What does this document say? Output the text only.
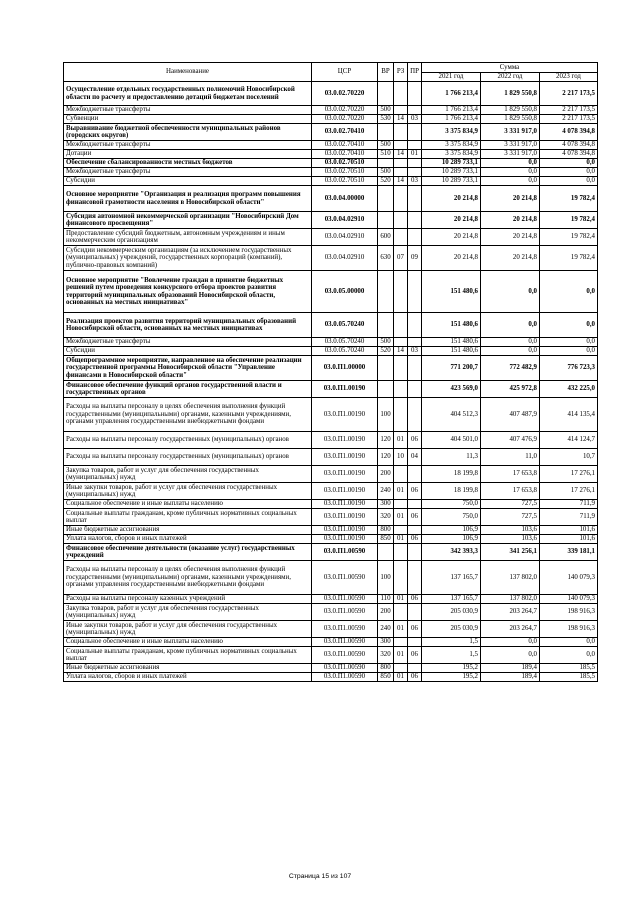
Наименование	ЦСР	ВР	РЗ	ПР	Сумма		
					2021 год	2022 год	2023 год
Осуществление отдельных государственных полномочий Новосибирской области по расчету и предоставлению дотаций бюджетам поселений	03.0.02.70220				1 766 213,4	1 829 550,8	2 217 173,5
Межбюджетные трансферты	03.0.02.70220	500			1 766 213,4	1 829 550,8	2 217 173,5
Субвенции	03.0.02.70220	530	14	03	1 766 213,4	1 829 550,8	2 217 173,5
Выравнивание бюджетной обеспеченности муниципальных районов (городских округов)	03.0.02.70410				3 375 834,9	3 331 917,0	4 078 394,8
Межбюджетные трансферты	03.0.02.70410	500			3 375 834,9	3 331 917,0	4 078 394,8
Дотации	03.0.02.70410	510	14	01	3 375 834,9	3 331 917,0	4 078 394,8
Обеспечение сбалансированности местных бюджетов	03.0.02.70510				10 289 733,1	0,0	0,0
Межбюджетные трансферты	03.0.02.70510	500			10 289 733,1	0,0	0,0
Субсидии	03.0.02.70510	520	14	03	10 289 733,1	0,0	0,0
Основное мероприятие "Организация и реализация программ повышения финансовой грамотности населения в Новосибирской области"	03.0.04.00000				20 214,8	20 214,8	19 782,4
Субсидия автономной некоммерческой организации "Новосибирский Дом финансового просвещения"	03.0.04.02910				20 214,8	20 214,8	19 782,4
Предоставление субсидий бюджетным, автономным учреждениям и иным некоммерческим организациям	03.0.04.02910	600			20 214,8	20 214,8	19 782,4
Субсидии некоммерческим организациям (за исключением государственных (муниципальных) учреждений, государственных корпораций (компаний), публично-правовых компаний)	03.0.04.02910	630	07	09	20 214,8	20 214,8	19 782,4
Основное мероприятие "Вовлечение граждан в принятие бюджетных решений путем проведения конкурсного отбора проектов развития территорий муниципальных образований Новосибирской области, основанных на местных инициативах"	03.0.05.00000				151 480,6	0,0	0,0
Реализация проектов развития территорий муниципальных образований Новосибирской области, основанных на местных инициативах	03.0.05.70240				151 480,6	0,0	0,0
Межбюджетные трансферты	03.0.05.70240	500			151 480,6	0,0	0,0
Субсидии	03.0.05.70240	520	14	03	151 480,6	0,0	0,0
Общепрограммное мероприятие, направленное на обеспечение реализации государственной программы Новосибирской области "Управление финансами в Новосибирской области"	03.0.П1.00000				771 200,7	772 482,9	776 723,3
Финансовое обеспечение функций органов государственной власти и государственных органов	03.0.П1.00190				423 569,0	425 972,8	432 225,0
Расходы на выплаты персоналу в целях обеспечения выполнения функций государственными (муниципальными) органами, казенными учреждениями, органами управления государственными внебюджетными фондами	03.0.П1.00190	100			404 512,3	407 487,9	414 135,4
Расходы на выплаты персоналу государственных (муниципальных) органов	03.0.П1.00190	120	01	06	404 501,0	407 476,9	414 124,7
Расходы на выплаты персоналу государственных (муниципальных) органов	03.0.П1.00190	120	10	04	11,3	11,0	10,7
Закупка товаров, работ и услуг для обеспечения государственных (муниципальных) нужд	03.0.П1.00190	200			18 199,8	17 653,8	17 276,1
Иные закупки товаров, работ и услуг для обеспечения государственных (муниципальных) нужд	03.0.П1.00190	240	01	06	18 199,8	17 653,8	17 276,1
Социальное обеспечение и иные выплаты населению	03.0.П1.00190	300			750,0	727,5	711,9
Социальные выплаты гражданам, кроме публичных нормативных социальных выплат	03.0.П1.00190	320	01	06	750,0	727,5	711,9
Иные бюджетные ассигнования	03.0.П1.00190	800			106,9	103,6	101,6
Уплата налогов, сборов и иных платежей	03.0.П1.00190	850	01	06	106,9	103,6	101,6
Финансовое обеспечение деятельности (оказание услуг) государственных учреждений	03.0.П1.00590				342 393,3	341 256,1	339 181,1
Расходы на выплаты персоналу в целях обеспечения выполнения функций государственными (муниципальными) органами, казенными учреждениями, органами управления государственными внебюджетными фондами	03.0.П1.00590	100			137 165,7	137 802,0	140 079,3
Расходы на выплаты персоналу казенных учреждений	03.0.П1.00590	110	01	06	137 165,7	137 802,0	140 079,3
Закупка товаров, работ и услуг для обеспечения государственных (муниципальных) нужд	03.0.П1.00590	200			205 030,9	203 264,7	198 916,3
Иные закупки товаров, работ и услуг для обеспечения государственных (муниципальных) нужд	03.0.П1.00590	240	01	06	205 030,9	203 264,7	198 916,3
Социальное обеспечение и иные выплаты населению	03.0.П1.00590	300			1,5	0,0	0,0
Социальные выплаты гражданам, кроме публичных нормативных социальных выплат	03.0.П1.00590	320	01	06	1,5	0,0	0,0
Иные бюджетные ассигнования	03.0.П1.00590	800			195,2	189,4	185,5
Уплата налогов, сборов и иных платежей	03.0.П1.00590	850	01	06	195,2	189,4	185,5
Страница 15 из 107
